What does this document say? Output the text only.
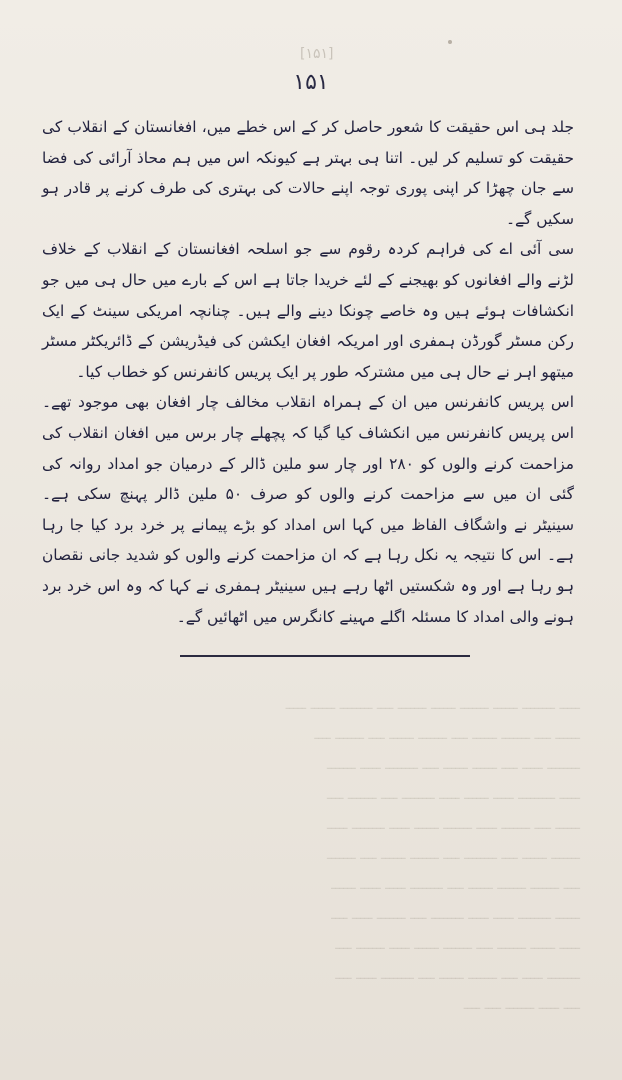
[۱۵۱]
ـــــ ــــــــ ــــــ ـــــــ ــــــ ـــــــ ــــ ــــــــ ــــــ ـــــ
ــــــ ــــ ـــــــ ــــــ ــــ ـــــــ ــــــ ــــ ـــــــ ــــ
ــــــــ ـــــ ــــ ــــــ ــــــ ــــ ــــــــ ـــــ ـــــــ
ـــــ ـــــــــ ـــــ ــــــ ـــــ ــــــــ ــــ ـــــــ ــــ
ــــــ ــــ ـــــــ ـــــ ـــــــ ــــــ ـــــ ــــــــ ـــــ
ـــــــ ــــــ ــــ ــــــــ ــــ ـــــــ ــــــ ــــ ـــــــ
ــــ ـــــــ ـــــــ ــــــ ــــ ــــــــ ـــــ ـــــ ــــــ
ــــــ ــــــــ ـــــ ـــــ ــــــــ ــــ ـــــــ ـــــ ــــ
ـــــ ــــــ ـــــــ ــــ ـــــــ ــــــ ـــــ ـــــــ ــــ
ــــــــ ـــــ ــــ ـــــــ ــــــ ــــ ــــــــ ـــــ ــــ
ــــ ـــــ ـــــــ ــــ ــــ
۱۵۱

جلد ہی اس حقیقت کا شعور حاصل کر کے اس خطے میں، افغانستان کے انقلاب کی حقیقت کو تسلیم کر لیں۔ اتنا ہی بہتر ہے کیونکہ اس میں ہم محاذ آرائی کی فضا سے جان چھڑا کر اپنی پوری توجہ اپنے حالات کی بہتری کی طرف کرنے پر قادر ہو سکیں گے۔

سی آئی اے کی فراہم کردہ رقوم سے جو اسلحہ افغانستان کے انقلاب کے خلاف لڑنے والے افغانوں کو بھیجنے کے لئے خریدا جاتا ہے اس کے بارے میں حال ہی میں جو انکشافات ہوئے ہیں وہ خاصے چونکا دینے والے ہیں۔ چنانچہ امریکی سینٹ کے ایک رکن مسٹر گورڈن ہمفری اور امریکہ افغان ایکشن کی فیڈریشن کے ڈائریکٹر مسٹر میتھو اہر نے حال ہی میں مشترکہ طور پر ایک پریس کانفرنس کو خطاب کیا۔

اس پریس کانفرنس میں ان کے ہمراہ انقلاب مخالف چار افغان بھی موجود تھے۔ اس پریس کانفرنس میں انکشاف کیا گیا کہ پچھلے چار برس میں افغان انقلاب کی مزاحمت کرنے والوں کو ۲۸۰ اور چار سو ملین ڈالر کے درمیان جو امداد روانہ کی گئی ان میں سے مزاحمت کرنے والوں کو صرف ۵۰ ملین ڈالر پہنچ سکی ہے۔ سینیٹر نے واشگاف الفاظ میں کہا اس امداد کو بڑے پیمانے پر خرد برد کیا جا رہا ہے۔ اس کا نتیجہ یہ نکل رہا ہے کہ ان مزاحمت کرنے والوں کو شدید جانی نقصان ہو رہا ہے اور وہ شکستیں اٹھا رہے ہیں سینیٹر ہمفری نے کہا کہ وہ اس خرد برد ہونے والی امداد کا مسئلہ اگلے مہینے کانگرس میں اٹھائیں گے۔
